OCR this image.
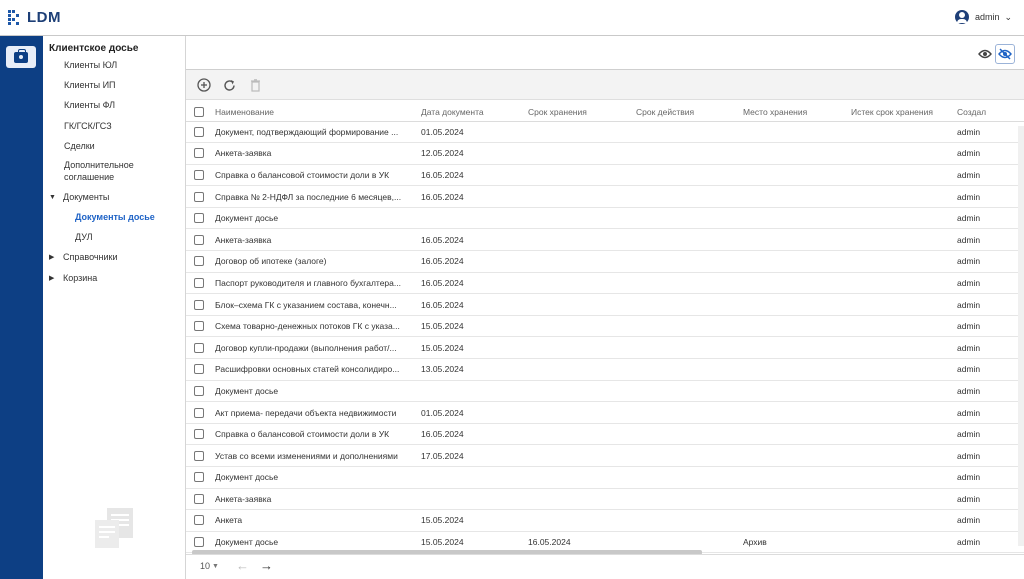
LDM	admin ⌄
Клиентское досье
Клиенты ЮЛ
Клиенты ИП
Клиенты ФЛ
ГК/ГСК/ГСЗ
Сделки
Дополнительное
соглашение
▼ Документы
Документы досье
ДУЛ
▶ Справочники
▶ Корзина
	Наименование	Дата документа	Срок хранения	Срок действия	Место хранения	Истек срок хранения	Создал

	Документ, подтверждающий формирование ...	01.05.2024					admin

	Анкета-заявка	12.05.2024					admin

	Справка о балансовой стоимости доли в УК	16.05.2024					admin

	Справка № 2-НДФЛ за последние 6 месяцев,...	16.05.2024					admin

	Документ досье						admin

	Анкета-заявка	16.05.2024					admin

	Договор об ипотеке (залоге)	16.05.2024					admin

	Паспорт руководителя и главного бухгалтера...	16.05.2024					admin

	Блок–схема ГК с указанием состава, конечн...	16.05.2024					admin

	Схема товарно-денежных потоков ГК с указа...	15.05.2024					admin

	Договор купли-продажи (выполнения работ/...	15.05.2024					admin

	Расшифровки основных статей консолидиро...	13.05.2024					admin

	Документ досье						admin

	Акт приема- передачи объекта недвижимости	01.05.2024					admin

	Справка о балансовой стоимости доли в УК	16.05.2024					admin

	Устав со всеми изменениями и дополнениями	17.05.2024					admin

	Документ досье						admin

	Анкета-заявка						admin

	Анкета	15.05.2024					admin

	Документ досье	15.05.2024	16.05.2024		Архив		admin
10 ▼ ← →
